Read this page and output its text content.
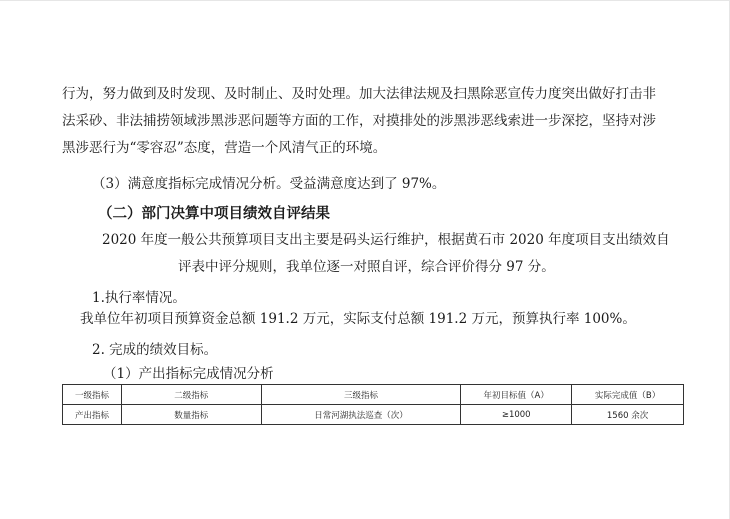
行为，努力做到及时发现、及时制止、及时处理。加大法律法规及扫黑除恶宣传力度突出做好打击非
法采砂、非法捕捞领域涉黑涉恶问题等方面的工作，对摸排处的涉黑涉恶线索进一步深挖，坚持对涉
黑涉恶行为“零容忍”态度，营造一个风清气正的环境。
（3）满意度指标完成情况分析。受益满意度达到了 97%。
（二）部门决算中项目绩效自评结果
2020 年度一般公共预算项目支出主要是码头运行维护，根据黄石市 2020 年度项目支出绩效自
评表中评分规则，我单位逐一对照自评，综合评价得分 97 分。
1.执行率情况。
我单位年初项目预算资金总额 191.2 万元，实际支付总额 191.2 万元，预算执行率 100%。
2. 完成的绩效目标。
（1）产出指标完成情况分析
一级指标	二级指标	三级指标	年初目标值（A）	实际完成值（B）
产出指标	数量指标	日常河湖执法巡查（次）	≥1000	1560 余次
